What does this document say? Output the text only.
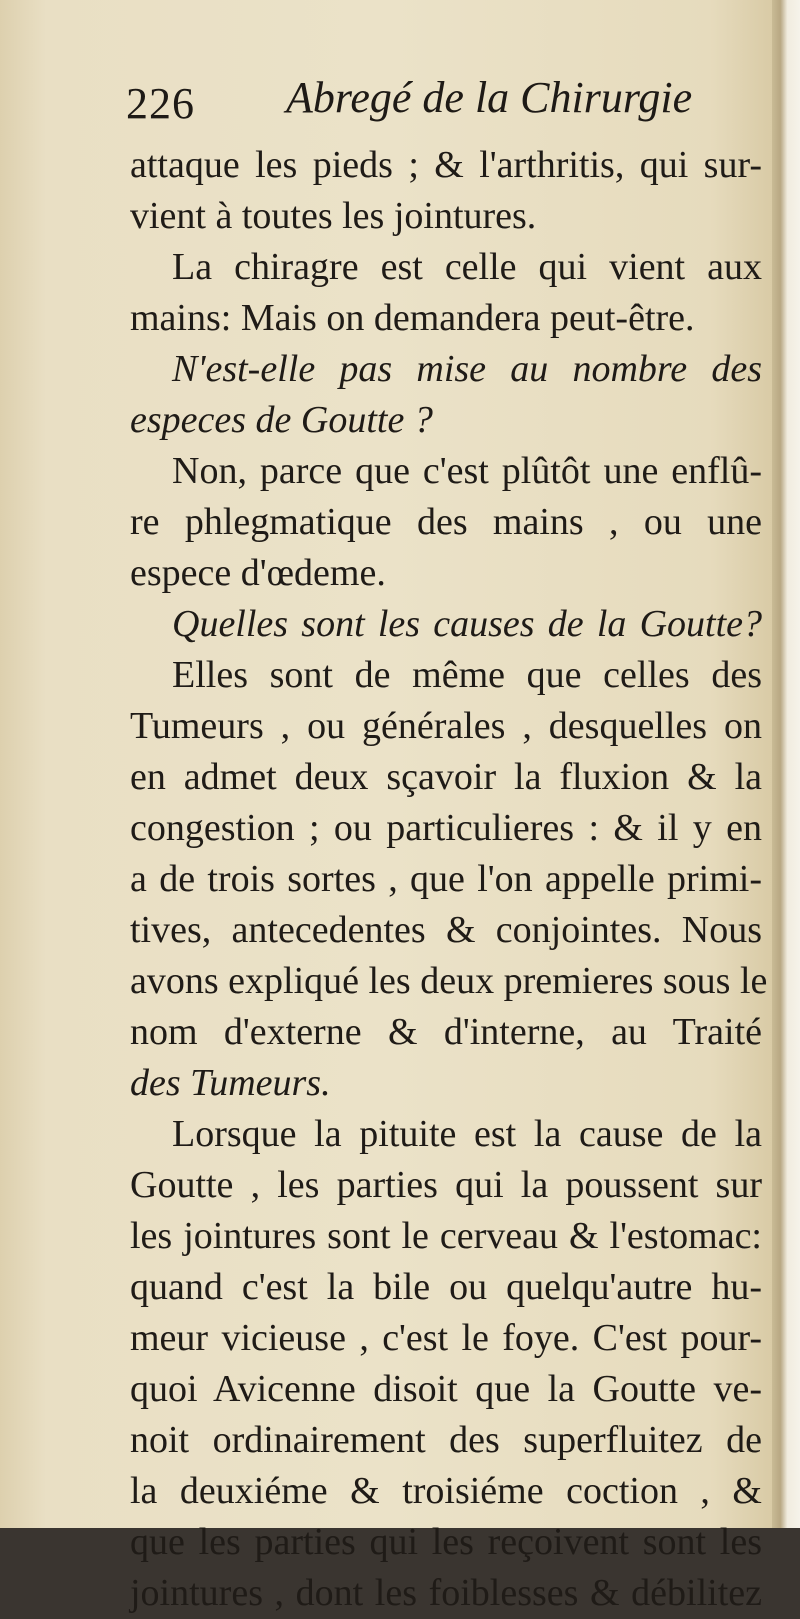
226 Abregé de la Chirurgie
attaque les pieds ; & l'arthritis, qui sur-
vient à toutes les jointures.
La chiragre est celle qui vient aux
mains: Mais on demandera peut-être.
N'est-elle pas mise au nombre des
especes de Goutte ?
Non, parce que c'est plûtôt une enflû-
re phlegmatique des mains , ou une
espece d'œdeme.
Quelles sont les causes de la Goutte?
Elles sont de même que celles des
Tumeurs , ou générales , desquelles on
en admet deux sçavoir la fluxion & la
congestion ; ou particulieres : & il y en
a de trois sortes , que l'on appelle primi-
tives, antecedentes & conjointes. Nous
avons expliqué les deux premieres sous le
nom d'externe & d'interne, au Traité
des Tumeurs.
Lorsque la pituite est la cause de la
Goutte , les parties qui la poussent sur
les jointures sont le cerveau & l'estomac:
quand c'est la bile ou quelqu'autre hu-
meur vicieuse , c'est le foye. C'est pour-
quoi Avicenne disoit que la Goutte ve-
noit ordinairement des superfluitez de
la deuxiéme & troisiéme coction , &
que les parties qui les reçoivent sont les
jointures , dont les foiblesses & débilitez
